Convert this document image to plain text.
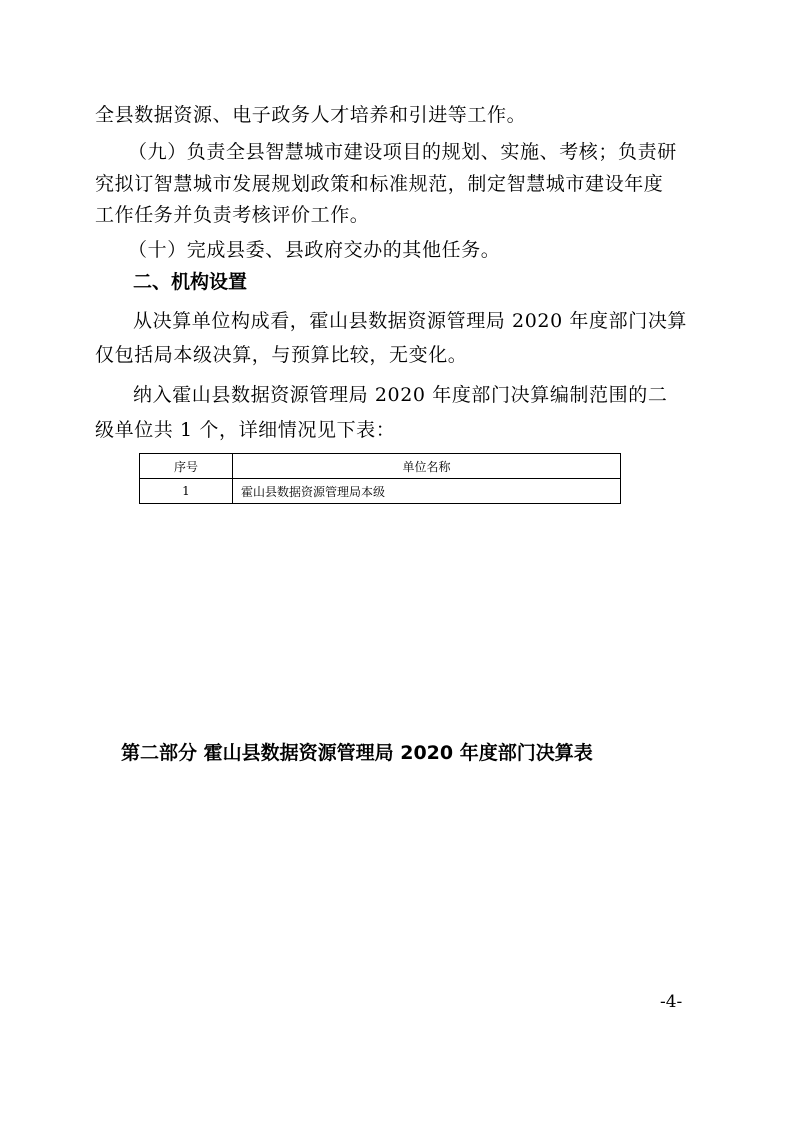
全县数据资源、电子政务人才培养和引进等工作。
（九）负责全县智慧城市建设项目的规划、实施、考核；负责研
究拟订智慧城市发展规划政策和标准规范，制定智慧城市建设年度
工作任务并负责考核评价工作。
（十）完成县委、县政府交办的其他任务。
二、机构设置
从决算单位构成看，霍山县数据资源管理局 2020 年度部门决算
仅包括局本级决算，与预算比较，无变化。
纳入霍山县数据资源管理局 2020 年度部门决算编制范围的二
级单位共 1 个，详细情况见下表：
序号	单位名称
1	霍山县数据资源管理局本级
第二部分 霍山县数据资源管理局 2020 年度部门决算表
-4-
